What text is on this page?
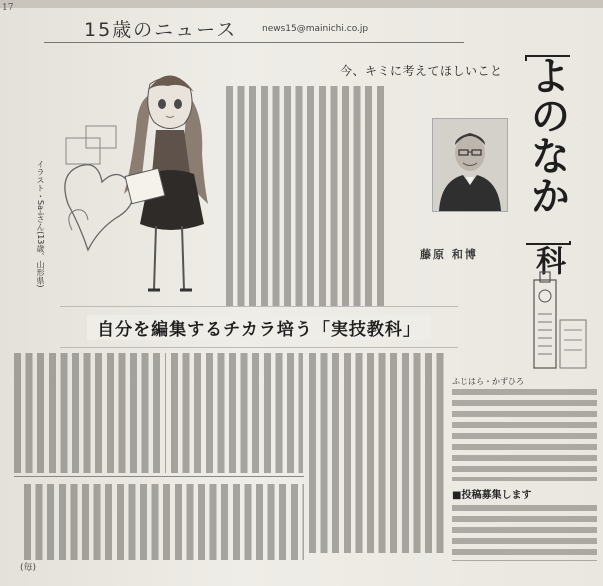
17
15歳のニュース	news15@mainichi.co.jp
よのなか
科
今、キミに考えてほしいこと
藤原 和博
イラスト・Sa-iさん(13歳、山形県)
自分を編集するチカラ培う「実技教科」
(毎)

ふじはら・かずひろ

■投稿募集します
